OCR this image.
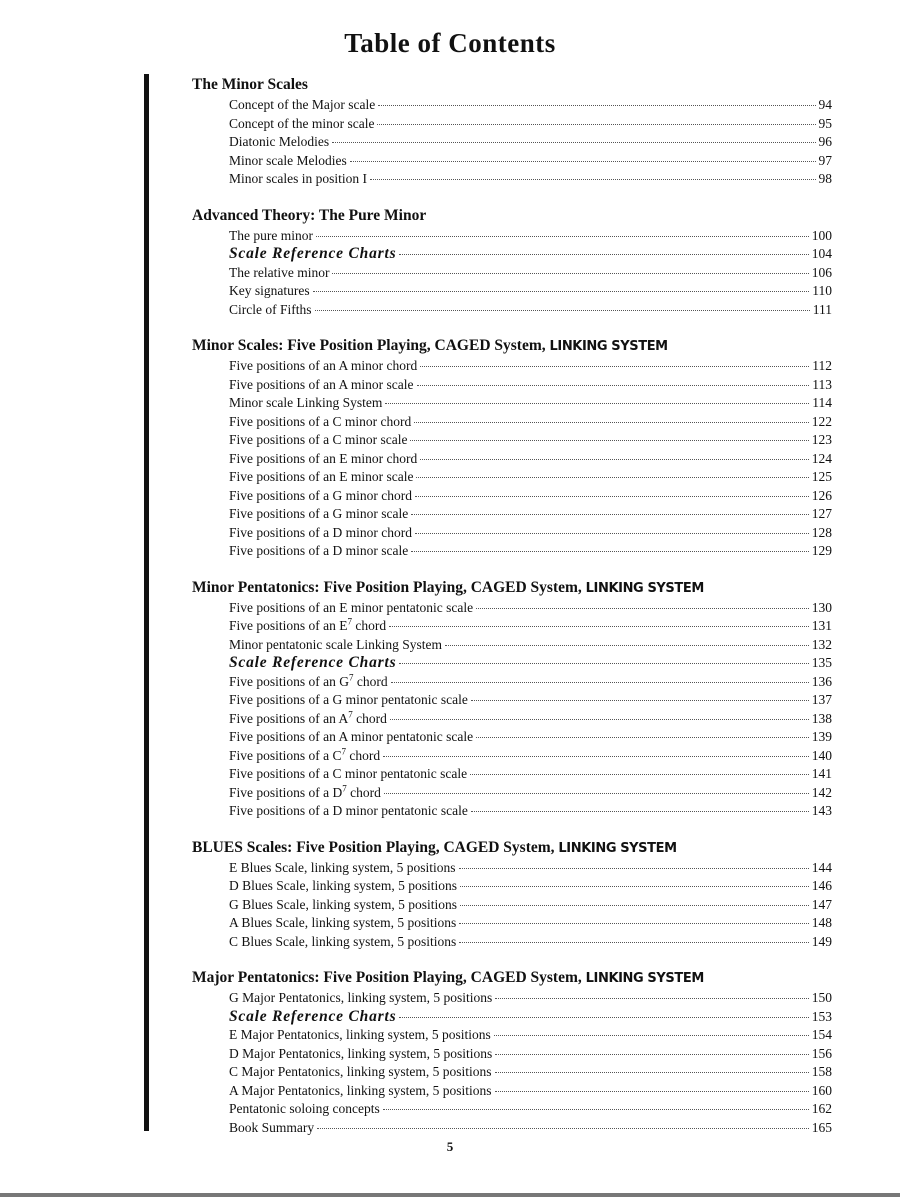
Table of Contents
The Minor Scales
Concept of the Major scale	94
Concept of the minor scale	95
Diatonic Melodies	96
Minor scale Melodies	97
Minor scales in position I	98
Advanced Theory: The Pure Minor
The pure minor	100
Scale Reference Charts	104
The relative minor	106
Key signatures	110
Circle of Fifths	111
Minor Scales: Five Position Playing, CAGED System, LINKING SYSTEM
Five positions of an A minor chord	112
Five positions of an A minor scale	113
Minor scale Linking System	114
Five positions of a C minor chord	122
Five positions of a C minor scale	123
Five positions of an E minor chord	124
Five positions of an E minor scale	125
Five positions of a G minor chord	126
Five positions of a G minor scale	127
Five positions of a D minor chord	128
Five positions of a D minor scale	129
Minor Pentatonics: Five Position Playing, CAGED System, LINKING SYSTEM
Five positions of an E minor pentatonic scale	130
Five positions of an $E^7$ chord	131
Minor pentatonic scale Linking System	132
Scale Reference Charts	135
Five positions of an $G^7$ chord	136
Five positions of a G minor pentatonic scale	137
Five positions of an $A^7$ chord	138
Five positions of an A minor pentatonic scale	139
Five positions of a $C^7$ chord	140
Five positions of a C minor pentatonic scale	141
Five positions of a $D^7$ chord	142
Five positions of a D minor pentatonic scale	143
BLUES Scales: Five Position Playing, CAGED System, LINKING SYSTEM
E Blues Scale, linking system, 5 positions	144
D Blues Scale, linking system, 5 positions	146
G Blues Scale, linking system, 5 positions	147
A Blues Scale, linking system, 5 positions	148
C Blues Scale, linking system, 5 positions	149
Major Pentatonics: Five Position Playing, CAGED System, LINKING SYSTEM
G Major Pentatonics, linking system, 5 positions	150
Scale Reference Charts	153
E Major Pentatonics, linking system, 5 positions	154
D Major Pentatonics, linking system, 5 positions	156
C Major Pentatonics, linking system, 5 positions	158
A Major Pentatonics, linking system, 5 positions	160
Pentatonic soloing concepts	162
Book Summary	165
5
